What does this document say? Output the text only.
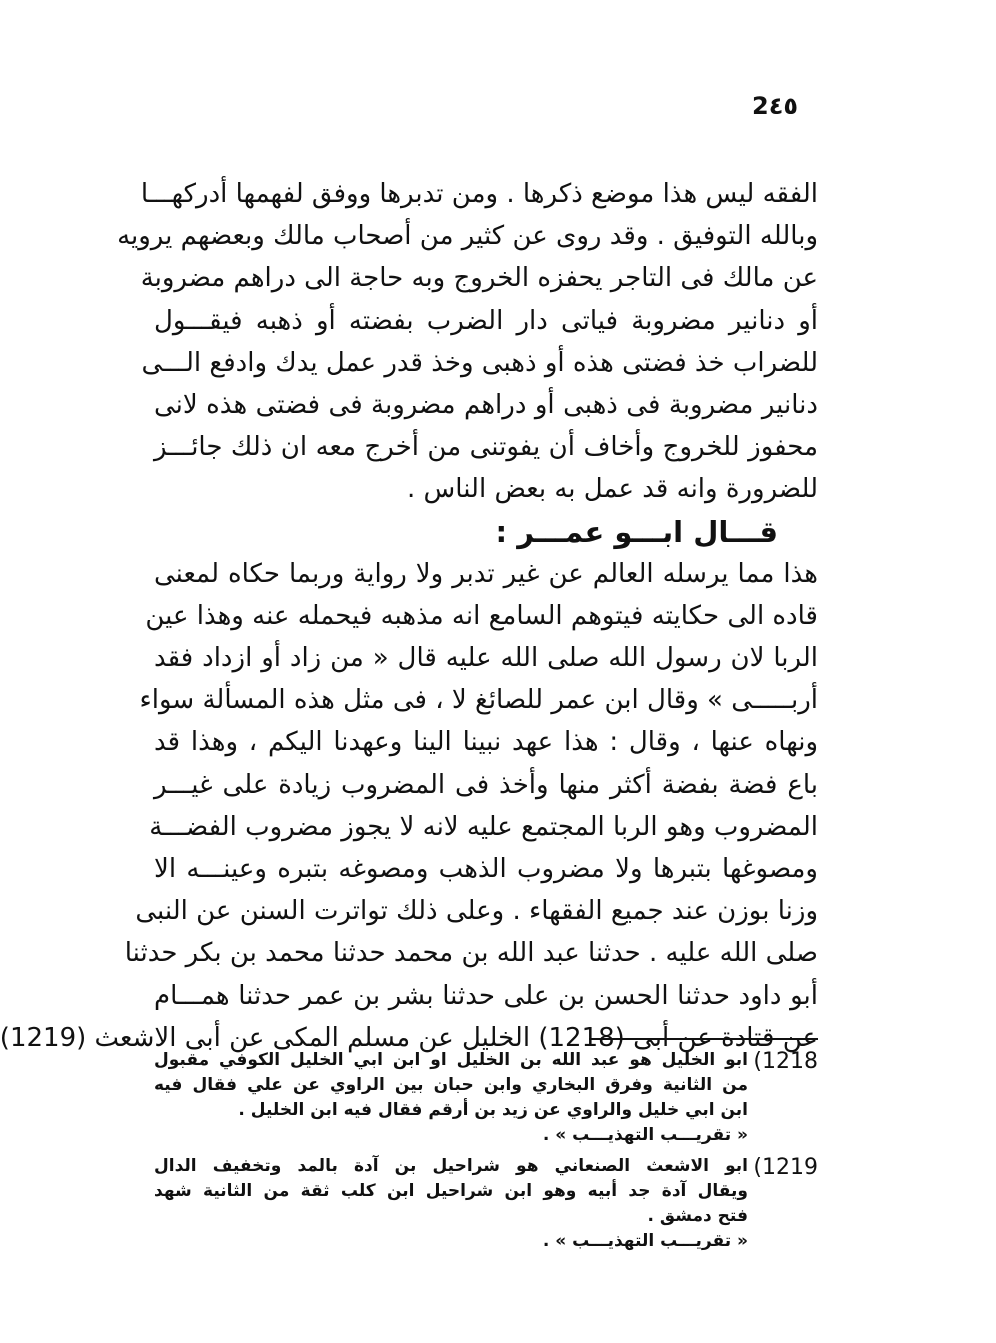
2٤٥
الفقه ليس هذا موضع ذكرها . ومن تدبرها ووفق لفهمها أدركهـــا
وبالله التوفيق . وقد روى عن كثير من أصحاب مالك وبعضهم يرويه
عن مالك فى التاجر يحفزه الخروج وبه حاجة الى دراهم مضروبة
أو دنانير مضروبة فياتى دار الضرب بفضته أو ذهبه فيقـــول
للضراب خذ فضتى هذه أو ذهبى وخذ قدر عمل يدك وادفع الـــى
دنانير مضروبة فى ذهبى أو دراهم مضروبة فى فضتى هذه لانى
محفوز للخروج وأخاف أن يفوتنى من أخرج معه ان ذلك جائـــز
للضرورة وانه قد عمل به بعض الناس .
قـــال ابـــو عمـــر :
هذا مما يرسله العالم عن غير تدبر ولا رواية وربما حكاه لمعنى
قاده الى حكايته فيتوهم السامع انه مذهبه فيحمله عنه وهذا عين
الربا لان رسول الله صلى الله عليه قال « من زاد أو ازداد فقد
أربـــــى » وقال ابن عمر للصائغ لا ، فى مثل هذه المسألة سواء
ونهاه عنها ، وقال : هذا عهد نبينا الينا وعهدنا اليكم ، وهذا قد
باع فضة بفضة أكثر منها وأخذ فى المضروب زيادة على غيـــر
المضروب وهو الربا المجتمع عليه لانه لا يجوز مضروب الفضـــة
ومصوغها بتبرها ولا مضروب الذهب ومصوغه بتبره وعينـــه الا
وزنا بوزن عند جميع الفقهاء . وعلى ذلك تواترت السنن عن النبى
صلى الله عليه . حدثنا عبد الله بن محمد حدثنا محمد بن بكر حدثنا
أبو داود حدثنا الحسن بن على حدثنا بشر بن عمر حدثنا همـــام
عن قتادة عن أبى (1218) الخليل عن مسلم المكى عن أبى الاشعث (1219)
1218)
ابو الخليل هو عبد الله بن الخليل او ابن ابي الخليل الكوفي مقبول
من الثانية وفرق البخاري وابن حبان بين الراوي عن علي فقال فيه
ابن ابي خليل والراوي عن زيد بن أرقم فقال فيه ابن الخليل .
« تقريـــب التهذيـــب » .
1219)
ابو الاشعث الصنعاني هو شراحيل بن آدة بالمد وتخفيف الدال
ويقال آدة جد أبيه وهو ابن شراحيل ابن كلب ثقة من الثانية شهد
فتح دمشق .
« تقريـــب التهذيـــب » .
